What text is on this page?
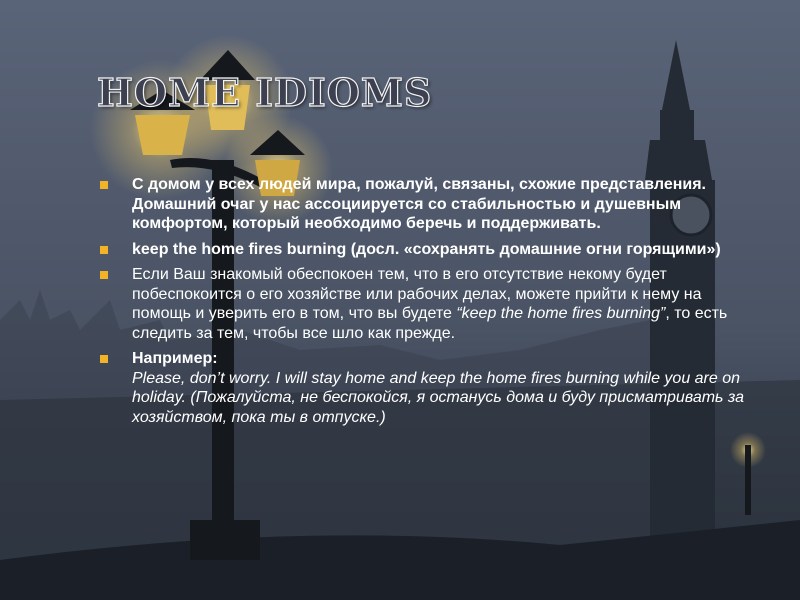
HOME IDIOMS
С домом у всех людей мира, пожалуй, связаны, схожие представления. Домашний очаг у нас ассоциируется со стабильностью и душевным комфортом, который необходимо беречь и поддерживать.
keep the home fires burning (досл. «сохранять домашние огни горящими»)
Если Ваш знакомый обеспокоен тем, что в его отсутствие некому будет побеспокоится о его хозяйстве или рабочих делах, можете прийти к нему на помощь и уверить его в том, что вы будете “keep the home fires burning”, то есть следить за тем, чтобы все шло как прежде.
Например:
Please, don’t worry. I will stay home and keep the home fires burning while you are on holiday. (Пожалуйста, не беспокойся, я останусь дома и буду присматривать за хозяйством, пока ты в отпуске.)
